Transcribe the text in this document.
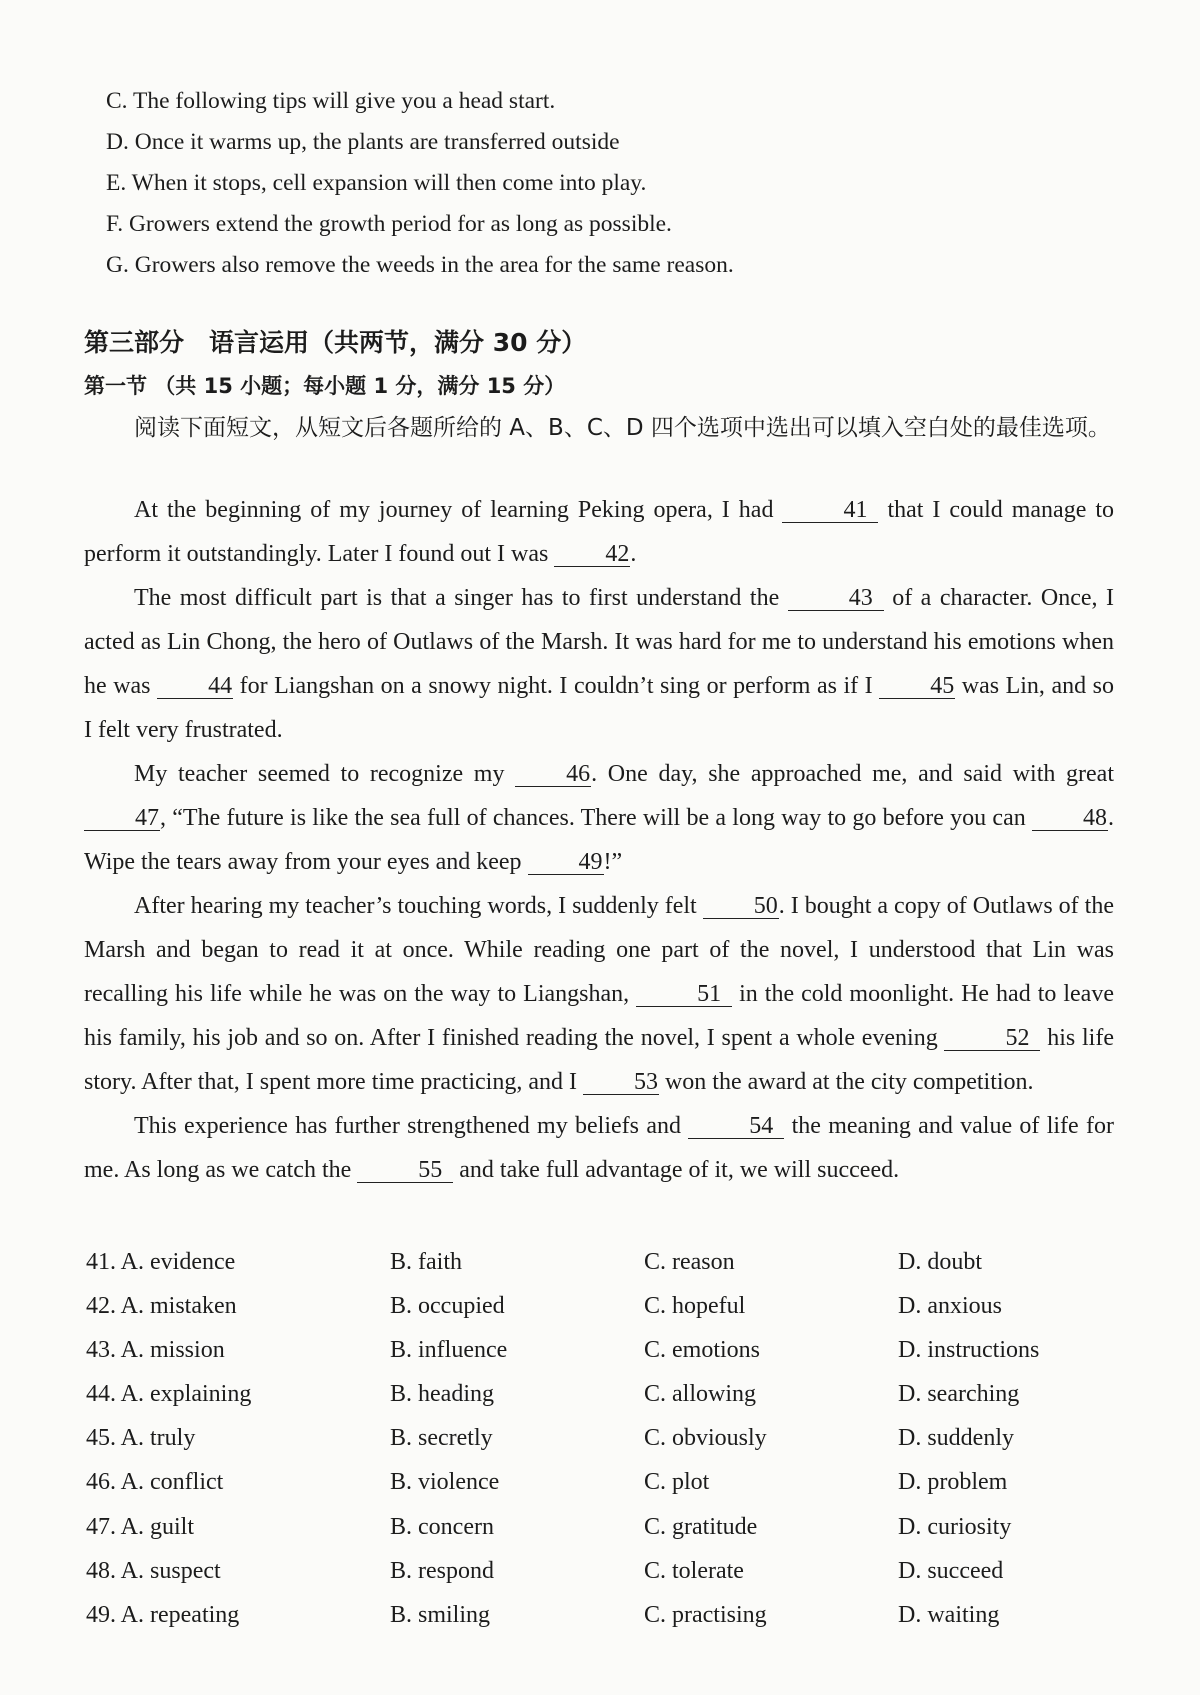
C. The following tips will give you a head start.
D. Once it warms up, the plants are transferred outside
E. When it stops, cell expansion will then come into play.
F. Growers extend the growth period for as long as possible.
G. Growers also remove the weeds in the area for the same reason.
第三部分　语言运用（共两节，满分 30 分）
第一节 （共 15 小题；每小题 1 分，满分 15 分）

阅读下面短文，从短文后各题所给的 A、B、C、D 四个选项中选出可以填入空白处的最佳选项。

At the beginning of my journey of learning Peking opera, I had	41 that I could manage to perform it outstandingly. Later I found out I was 42.

The most difficult part is that a singer has to first understand the	43 of a character. Once, I acted as Lin Chong, the hero of Outlaws of the Marsh. It was hard for me to understand his emotions when he was 44 for Liangshan on a snowy night. I couldn’t sing or perform as if I 45 was Lin, and so I felt very frustrated.

My teacher seemed to recognize my 46. One day, she approached me, and said with great 47, “The future is like the sea full of chances. There will be a long way to go before you can 48. Wipe the tears away from your eyes and keep 49!”

After hearing my teacher’s touching words, I suddenly felt 50. I bought a copy of Outlaws of the Marsh and began to read it at once. While reading one part of the novel, I understood that Lin was recalling his life while he was on the way to Liangshan,	51 in the cold moonlight. He had to leave his family, his job and so on. After I finished reading the novel, I spent a whole evening	52 his life story. After that, I spent more time practicing, and I 53 won the award at the city competition.

This experience has further strengthened my beliefs and	54 the meaning and value of life for me. As long as we catch the	55 and take full advantage of it, we will succeed.

41. A. evidence	B. faith	C. reason	D. doubt
42. A. mistaken	B. occupied	C. hopeful	D. anxious
43. A. mission	B. influence	C. emotions	D. instructions
44. A. explaining	B. heading	C. allowing	D. searching
45. A. truly	B. secretly	C. obviously	D. suddenly
46. A. conflict	B. violence	C. plot	D. problem
47. A. guilt	B. concern	C. gratitude	D. curiosity
48. A. suspect	B. respond	C. tolerate	D. succeed
49. A. repeating	B. smiling	C. practising	D. waiting
